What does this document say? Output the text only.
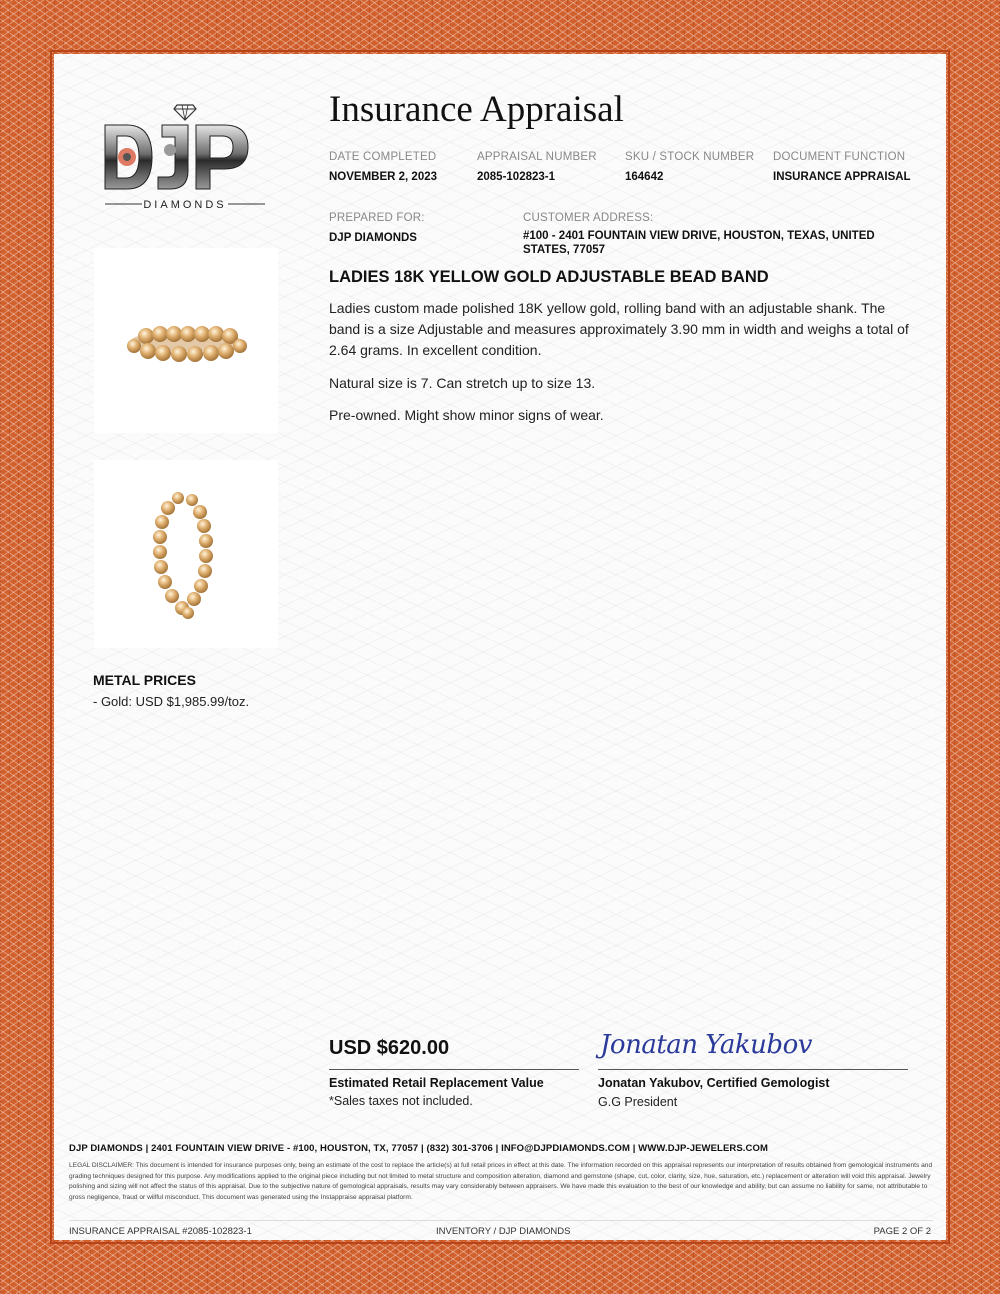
DIAMONDS
Insurance Appraisal
DATE COMPLETED
NOVEMBER 2, 2023
APPRAISAL NUMBER
2085-102823-1
SKU / STOCK NUMBER
164642
DOCUMENT FUNCTION
INSURANCE APPRAISAL
PREPARED FOR:
DJP DIAMONDS
CUSTOMER ADDRESS:
#100 - 2401 FOUNTAIN VIEW DRIVE, HOUSTON, TEXAS, UNITED STATES, 77057
LADIES 18K YELLOW GOLD ADJUSTABLE BEAD BAND

Ladies custom made polished 18K yellow gold, rolling band with an adjustable shank. The band is a size Adjustable and measures approximately 3.90 mm in width and weighs a total of 2.64 grams. In excellent condition.

Natural size is 7. Can stretch up to size 13.

Pre-owned. Might show minor signs of wear.

METAL PRICES
- Gold: USD $1,985.99/toz.
USD $620.00
Estimated Retail Replacement Value
*Sales taxes not included.
Jonatan Yakubov
Jonatan Yakubov, Certified Gemologist
G.G President
DJP DIAMONDS | 2401 FOUNTAIN VIEW DRIVE - #100, HOUSTON, TX, 77057 | (832) 301-3706 | INFO@DJPDIAMONDS.COM | WWW.DJP-JEWELERS.COM

LEGAL DISCLAIMER: This document is intended for insurance purposes only, being an estimate of the cost to replace the article(s) at full retail prices in effect at this date. The information recorded on this appraisal represents our interpretation of results obtained from gemological instruments and grading techniques designed for this purpose. Any modifications applied to the original piece including but not limited to metal structure and composition alteration, diamond and gemstone (shape, cut, color, clarity, size, hue, saturation, etc.) replacement or alteration will void this appraisal. Jewelry polishing and sizing will not affect the status of this appraisal. Due to the subjective nature of gemological appraisals, results may vary considerably between appraisers. We have made this evaluation to the best of our knowledge and ability, but can assume no liability for same, not attributable to gross negligence, fraud or willful misconduct. This document was generated using the Instappraise appraisal platform.

INSURANCE APPRAISAL #2085-102823-1	INVENTORY / DJP DIAMONDS	PAGE 2 OF 2
